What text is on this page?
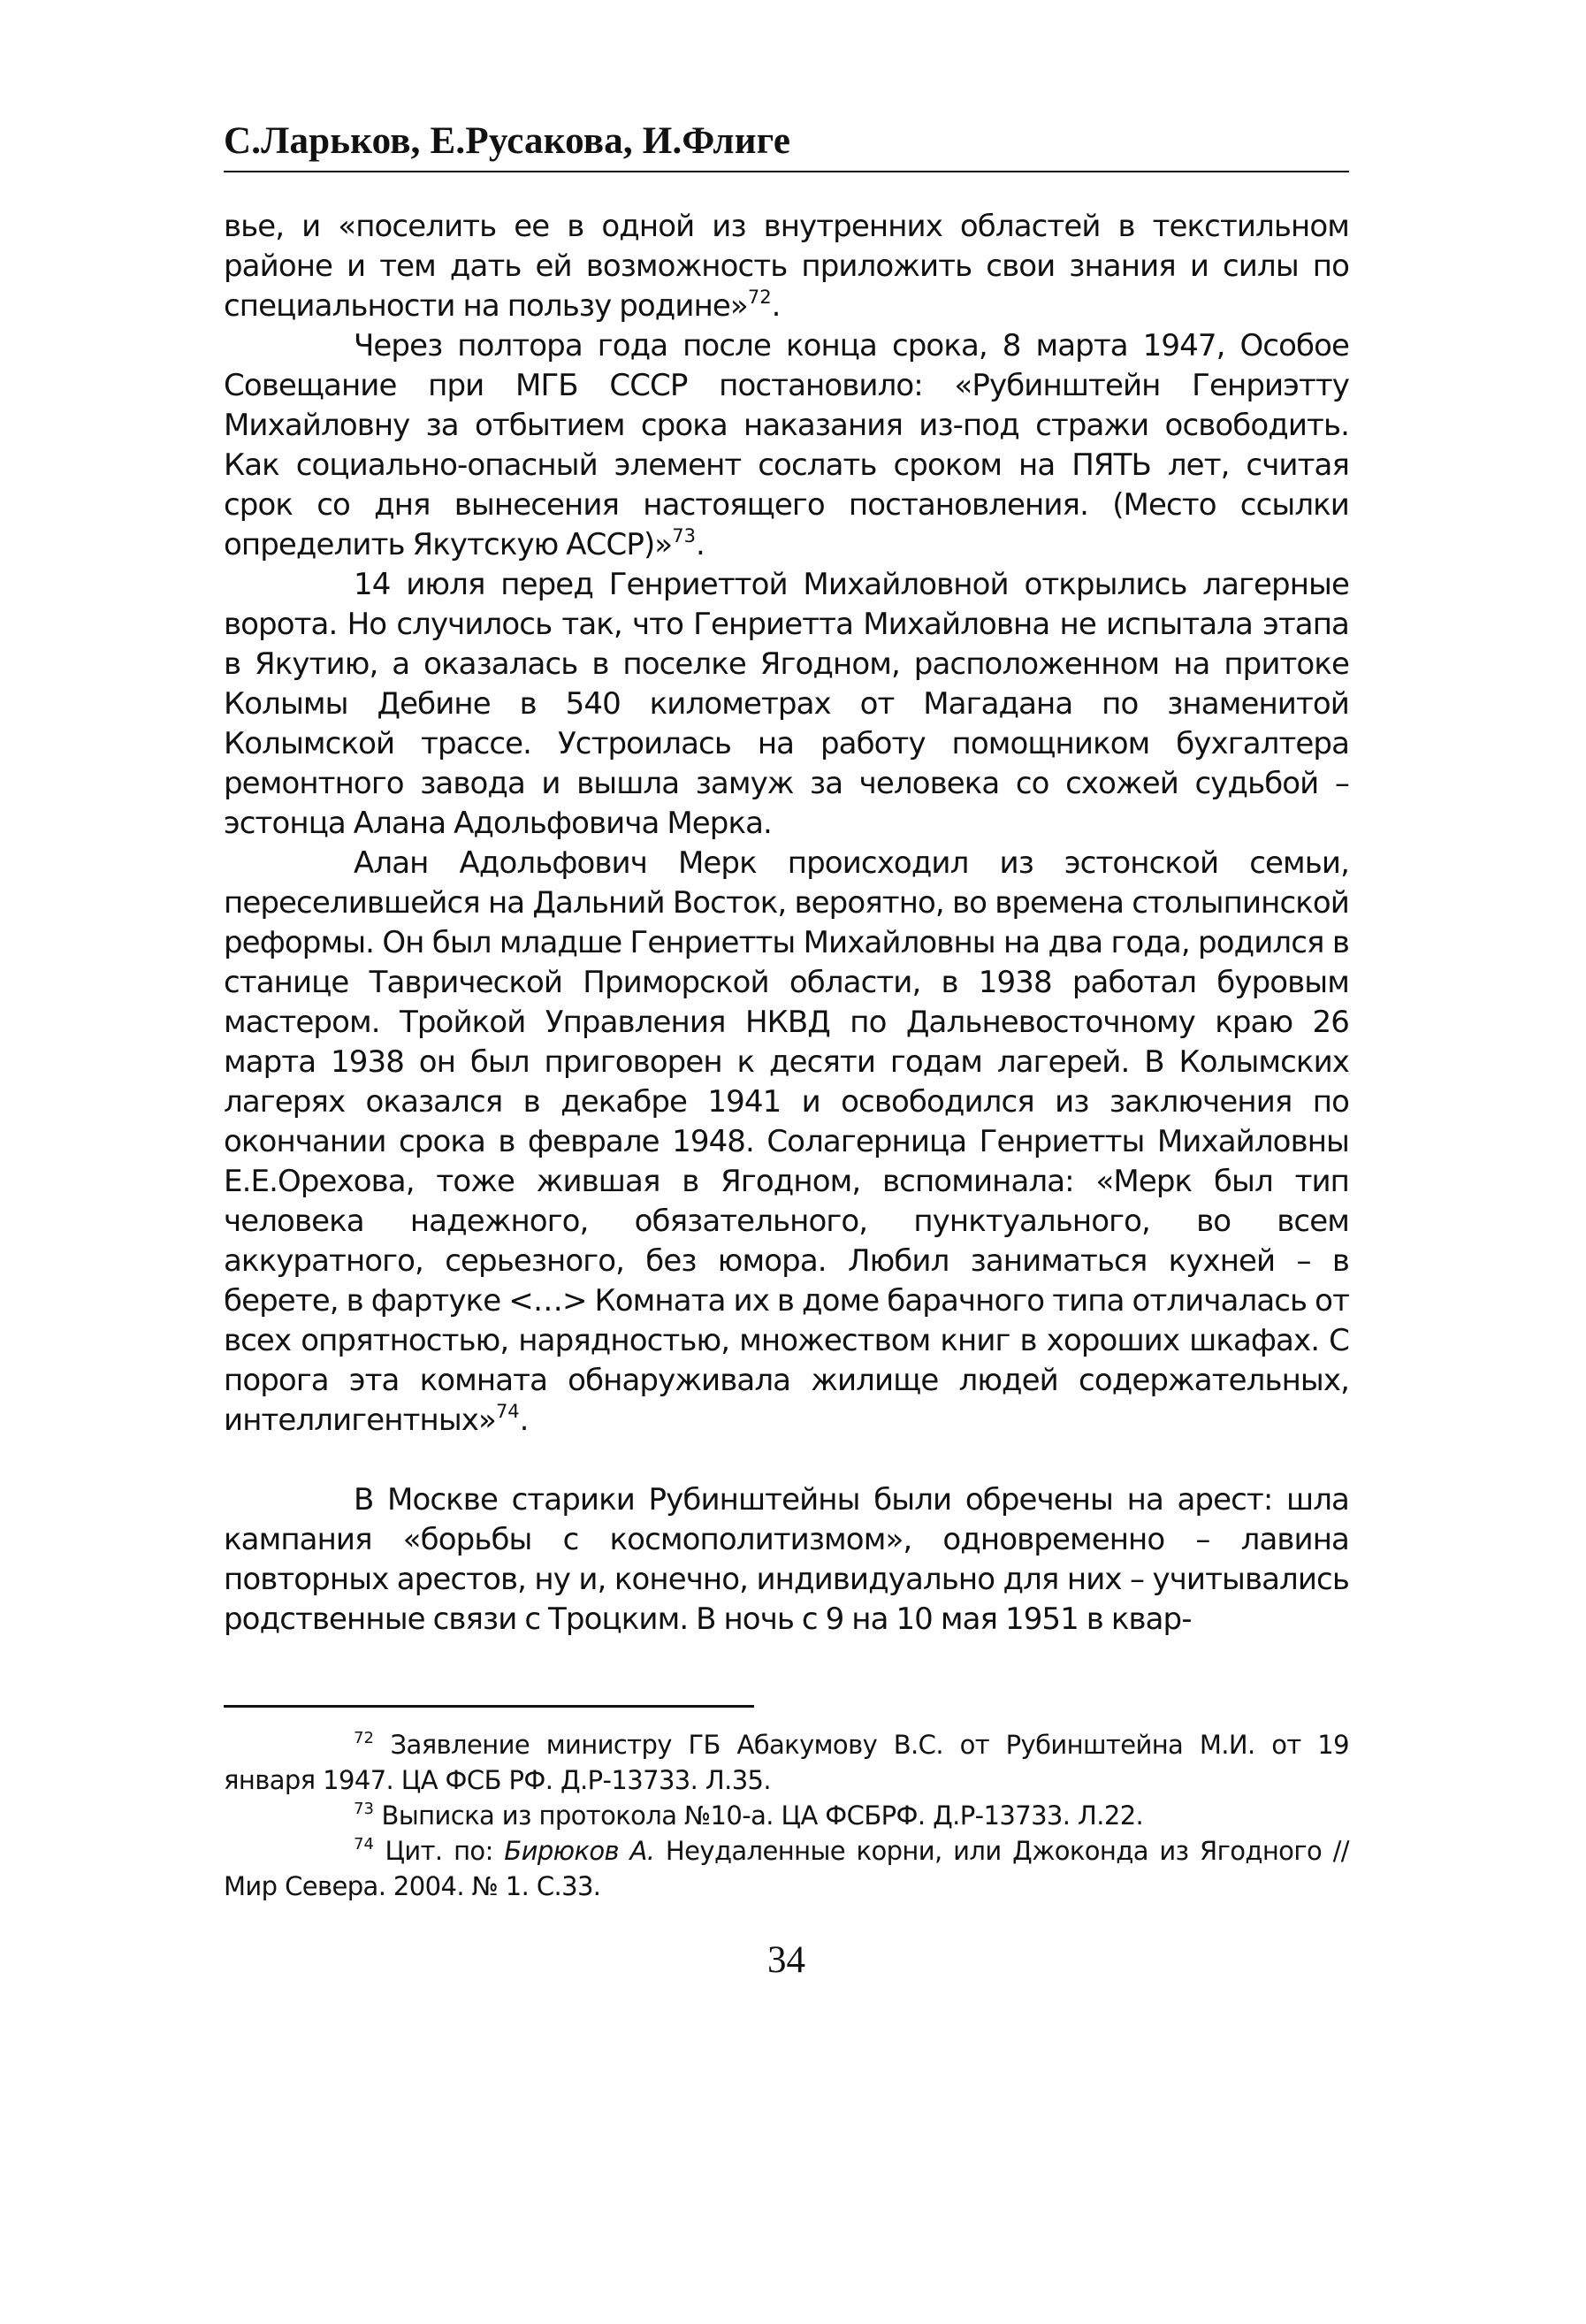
С.Ларьков, Е.Русакова, И.Флиге

вье, и «поселить ее в одной из внутренних областей в текстильном районе и тем дать ей возможность приложить свои знания и силы по специальности на пользу родине»$^{72}$.

Через полтора года после конца срока, 8 марта 1947, Особое Совещание при МГБ СССР постановило: «Рубинштейн Генриэтту Михайловну за отбытием срока наказания из-под стражи освободить. Как социально-опасный элемент сослать сроком на ПЯТЬ лет, считая срок со дня вынесения настоящего постановления. (Место ссылки определить Якутскую АССР)»$^{73}$.

14 июля перед Генриеттой Михайловной открылись лагерные ворота. Но случилось так, что Генриетта Михайловна не испытала этапа в Якутию, а оказалась в поселке Ягодном, расположенном на притоке Колымы Дебине в 540 километрах от Магадана по знаменитой Колымской трассе. Устроилась на работу помощником бухгалтера ремонтного завода и вышла замуж за человека со схожей судьбой – эстонца Алана Адольфовича Мерка.

Алан Адольфович Мерк происходил из эстонской семьи, переселившейся на Дальний Восток, вероятно, во времена столыпинской реформы. Он был младше Генриетты Михайловны на два года, родился в станице Таврической Приморской области, в 1938 работал буровым мастером. Тройкой Управления НКВД по Дальневосточному краю 26 марта 1938 он был приговорен к десяти годам лагерей. В Колымских лагерях оказался в декабре 1941 и освободился из заключения по окончании срока в феврале 1948. Солагерница Генриетты Михайловны Е.Е.Орехова, тоже жившая в Ягодном, вспоминала: «Мерк был тип человека надежного, обязательного, пунктуального, во всем аккуратного, серьезного, без юмора. Любил заниматься кухней – в берете, в фартуке <…> Комната их в доме барачного типа отличалась от всех опрятностью, нарядностью, множеством книг в хороших шкафах. С порога эта комната обнаруживала жилище людей содержательных, интеллигентных»$^{74}$.

В Москве старики Рубинштейны были обречены на арест: шла кампания «борьбы с космополитизмом», одновременно – лавина повторных арестов, ну и, конечно, индивидуально для них – учитывались родственные связи с Троцким. В ночь с 9 на 10 мая 1951 в квар-

$^{72}$ Заявление министру ГБ Абакумову В.С. от Рубинштейна М.И. от 19 января 1947. ЦА ФСБ РФ. Д.Р-13733. Л.35.

$^{73}$ Выписка из протокола №10-а. ЦА ФСБРФ. Д.Р-13733. Л.22.

$^{74}$ Цит. по: Бирюков А. Неудаленные корни, или Джоконда из Ягодного // Мир Севера. 2004. № 1. С.33.

34
